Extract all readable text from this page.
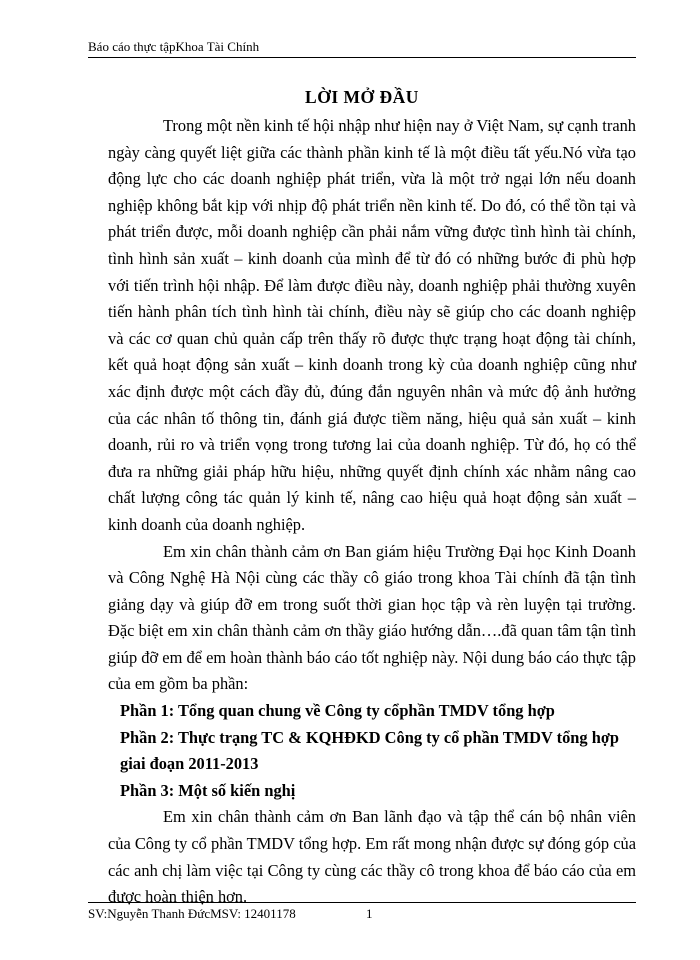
Báo cáo thực tậpKhoa Tài Chính
LỜI MỞ ĐẦU

Trong một nền kinh tế hội nhập như hiện nay ở Việt Nam, sự cạnh tranh ngày càng quyết liệt giữa các thành phần kinh tế là một điều tất yếu.Nó vừa tạo động lực cho các doanh nghiệp phát triển, vừa là một trở ngại lớn nếu doanh nghiệp không bắt kịp với nhịp độ phát triển nền kinh tế. Do đó, có thể tồn tại và phát triển được, mỗi doanh nghiệp cần phải nắm vững được tình hình tài chính, tình hình sản xuất – kinh doanh của mình để từ đó có những bước đi phù hợp với tiến trình hội nhập. Để làm được điều này, doanh nghiệp phải thường xuyên tiến hành phân tích tình hình tài chính, điều này sẽ giúp cho các doanh nghiệp và các cơ quan chủ quản cấp trên thấy rõ được thực trạng hoạt động tài chính, kết quả hoạt động sản xuất – kinh doanh trong kỳ của doanh nghiệp cũng như xác định được một cách đầy đủ, đúng đắn nguyên nhân và mức độ ảnh hưởng của các nhân tố thông tin, đánh giá được tiềm năng, hiệu quả sản xuất – kinh doanh, rủi ro và triển vọng trong tương lai của doanh nghiệp. Từ đó, họ có thể đưa ra những giải pháp hữu hiệu, những quyết định chính xác nhằm nâng cao chất lượng công tác quản lý kinh tế, nâng cao hiệu quả hoạt động sản xuất – kinh doanh của doanh nghiệp.

Em xin chân thành cảm ơn Ban giám hiệu Trường Đại học Kinh Doanh và Công Nghệ Hà Nội cùng các thầy cô giáo trong khoa Tài chính đã tận tình giảng dạy và giúp đỡ em trong suốt thời gian học tập và rèn luyện tại trường. Đặc biệt em xin chân thành cảm ơn thầy giáo hướng dẫn….đã quan tâm tận tình giúp đỡ em để em hoàn thành báo cáo tốt nghiệp này. Nội dung báo cáo thực tập của em gồm ba phần:

Phần 1: Tổng quan chung về Công ty cổphần TMDV tổng hợp

Phần 2: Thực trạng TC & KQHĐKD Công ty cổ phần TMDV tổng hợp giai đoạn 2011-2013

Phần 3: Một số kiến nghị

Em xin chân thành cảm ơn Ban lãnh đạo và tập thể cán bộ nhân viên của Công ty cổ phần TMDV tổng hợp. Em rất mong nhận được sự đóng góp của các anh chị làm việc tại Công ty cùng các thầy cô trong khoa để báo cáo của em được hoàn thiện hơn.

SV:Nguyễn Thanh ĐứcMSV: 12401178	1
